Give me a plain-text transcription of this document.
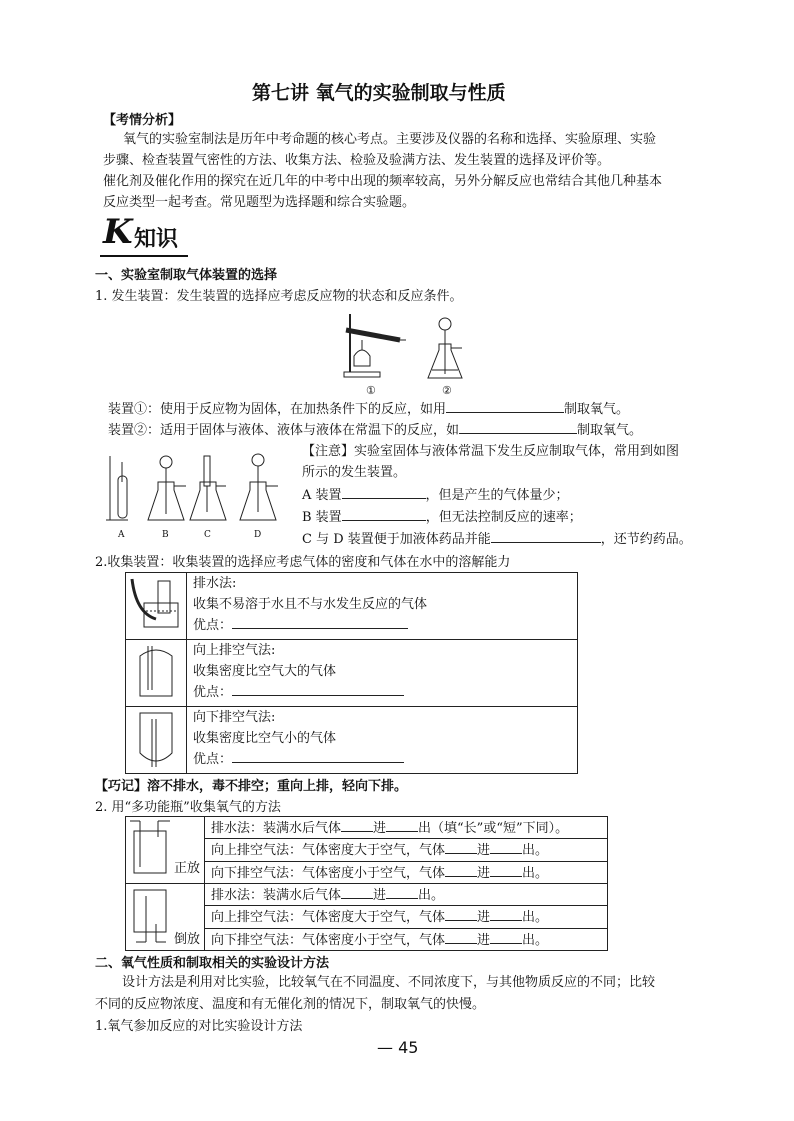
第七讲 氧气的实验制取与性质
【考情分析】
氧气的实验室制法是历年中考命题的核心考点。主要涉及仪器的名称和选择、实验原理、实验
步骤、检查装置气密性的方法、收集方法、检验及验满方法、发生装置的选择及评价等。
催化剂及催化作用的探究在近几年的中考中出现的频率较高，另外分解反应也常结合其他几种基本
反应类型一起考查。常见题型为选择题和综合实验题。
K 知识
一、实验室制取气体装置的选择
1. 发生装置：发生装置的选择应考虑反应物的状态和反应条件。
①	②
装置①：使用于反应物为固体，在加热条件下的反应，如用	制取氧气。
装置②：适用于固体与液体、液体与液体在常温下的反应，如	制取氧气。
A	B	C	D
【注意】实验室固体与液体常温下发生反应制取气体，常用到如图
所示的发生装置。
A 装置	，但是产生的气体量少；
B 装置	，但无法控制反应的速率；
C 与 D 装置便于加液体药品并能	，还节约药品。
2.收集装置：收集装置的选择应考虑气体的密度和气体在水中的溶解能力

排水法:
收集不易溶于水且不与水发生反应的气体
优点：

向上排空气法:
收集密度比空气大的气体
优点：

向下排空气法:
收集密度比空气小的气体
优点：
【巧记】溶不排水，毒不排空；重向上排，轻向下排。
2. 用“多功能瓶”收集氧气的方法
正放	排水法：装满水后气体 进 出（填“长”或“短”下同）。
	向上排空气法：气体密度大于空气，气体 进 出。
	向下排空气法：气体密度小于空气，气体 进 出。

倒放	排水法：装满水后气体 进 出。
	向上排空气法：气体密度大于空气，气体 进 出。
	向下排空气法：气体密度小于空气，气体 进 出。
二、氧气性质和制取相关的实验设计方法
设计方法是利用对比实验，比较氧气在不同温度、不同浓度下，与其他物质反应的不同；比较
不同的反应物浓度、温度和有无催化剂的情况下，制取氧气的快慢。
1.氧气参加反应的对比实验设计方法
— 45
